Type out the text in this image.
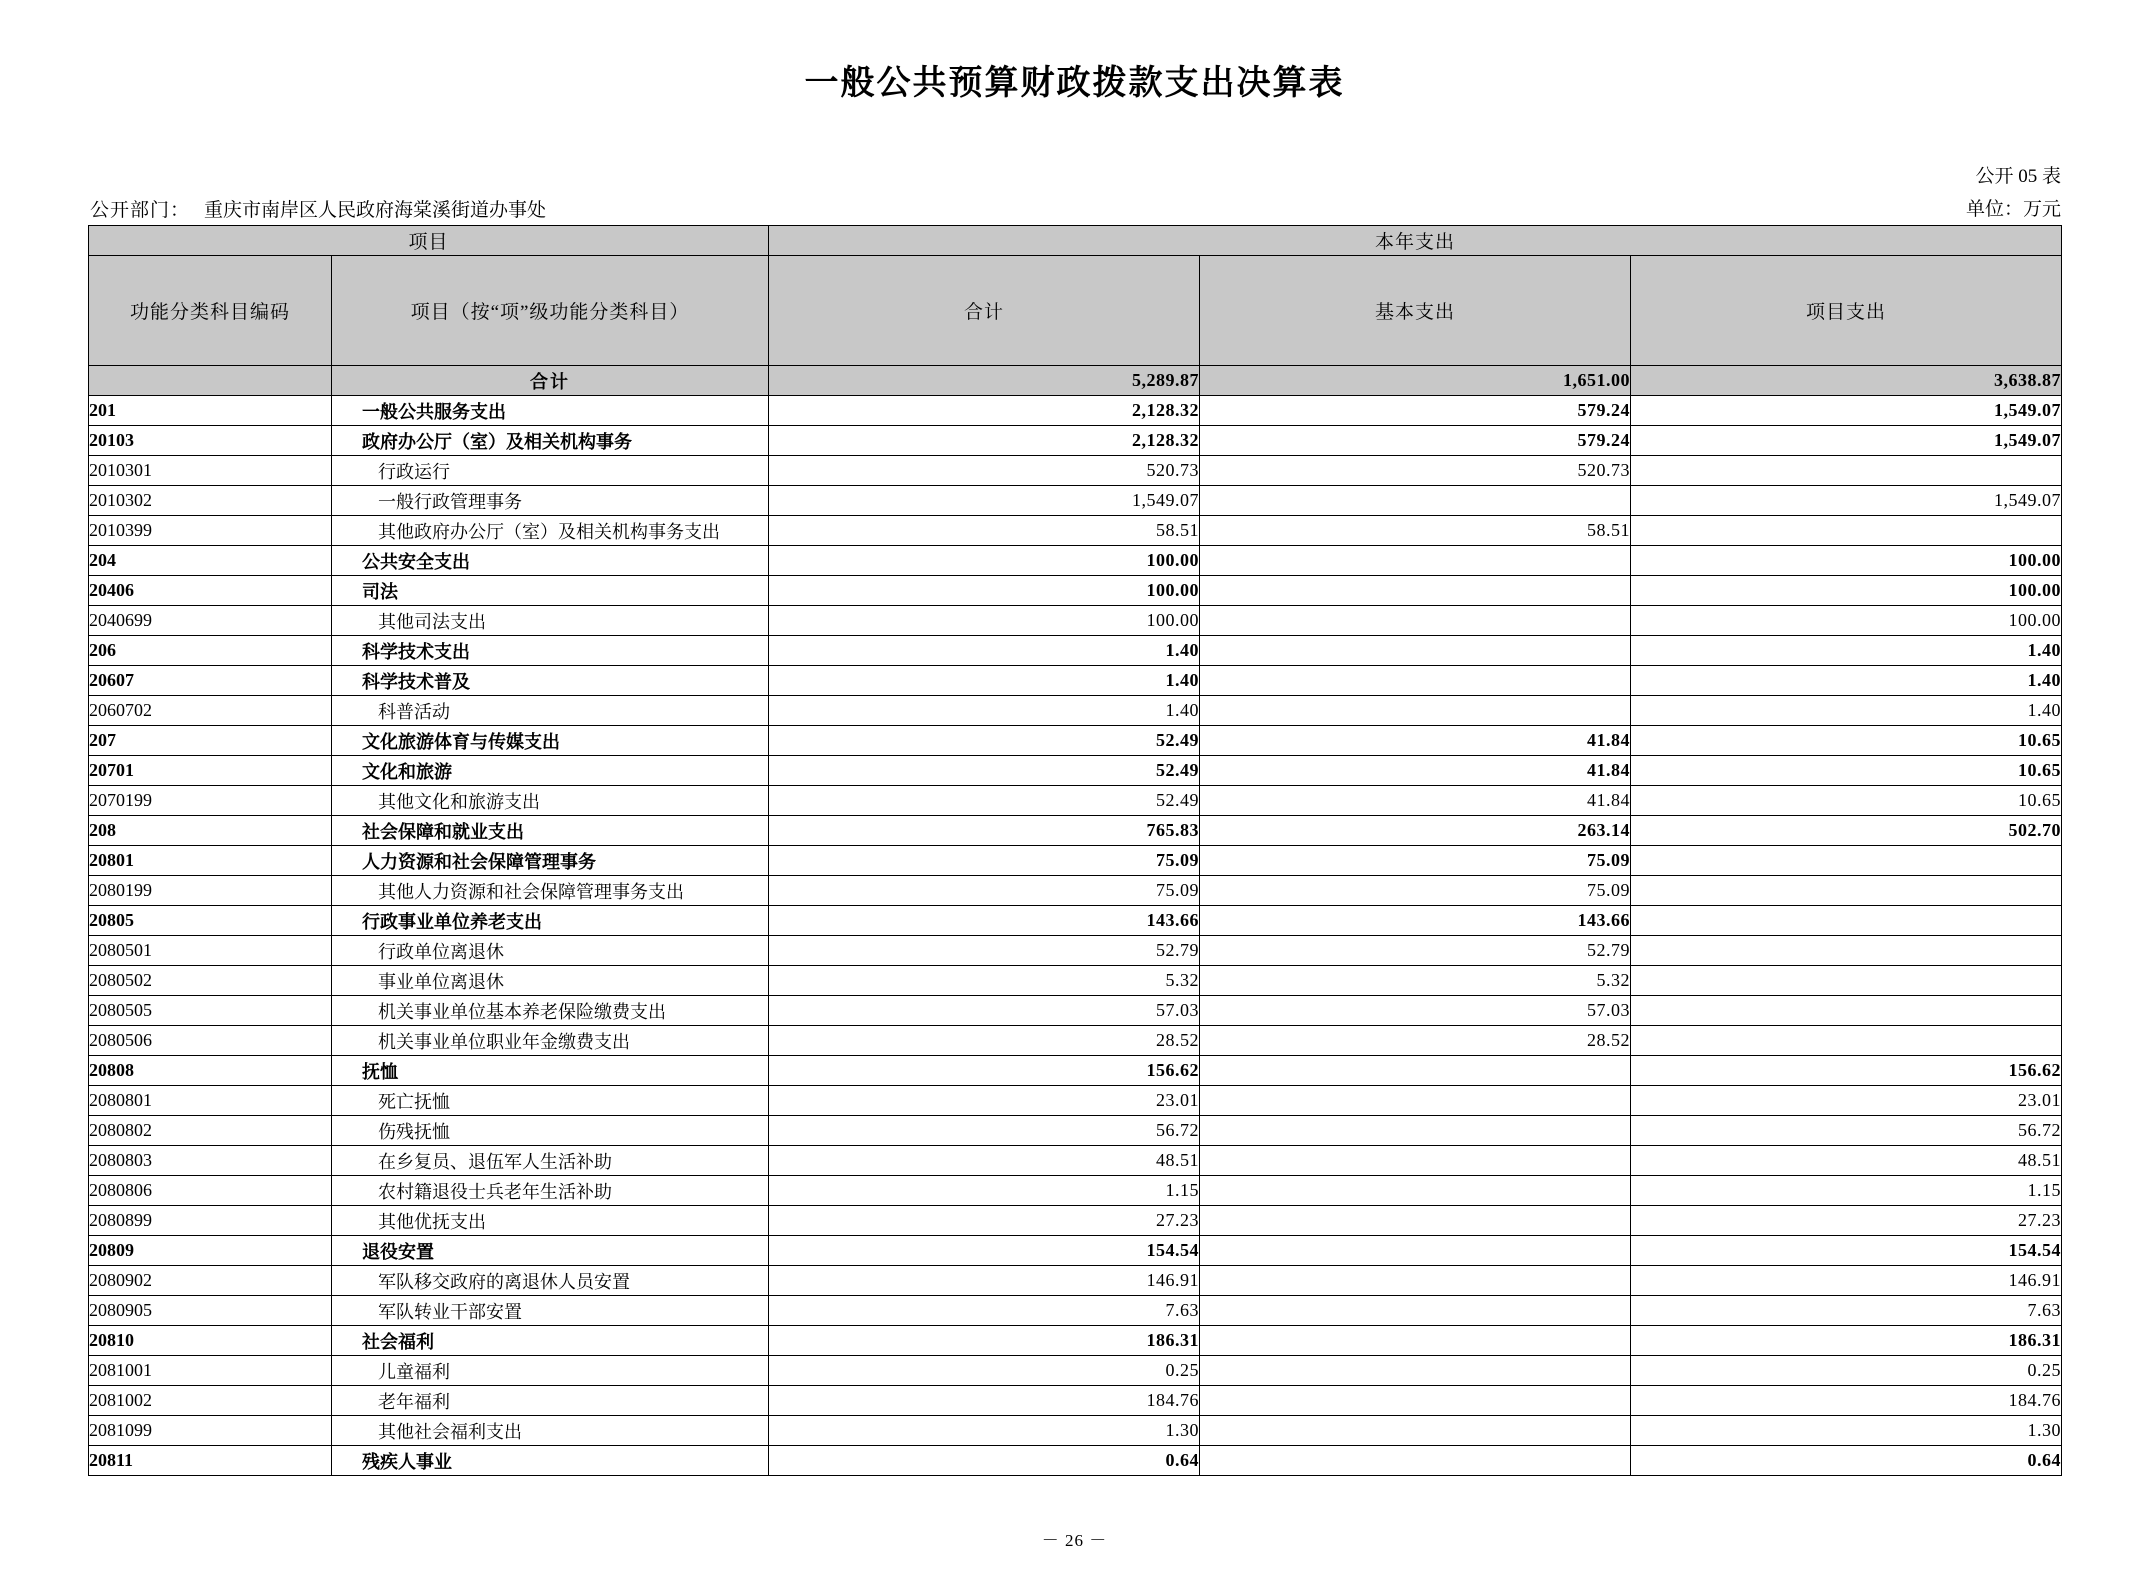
一般公共预算财政拨款支出决算表
公开 05 表
单位：万元
公开部门： 重庆市南岸区人民政府海棠溪街道办事处
项目		本年支出		
功能分类科目编码	项目（按“项”级功能分类科目）	合计	基本支出	项目支出
	合计	5,289.87	1,651.00	3,638.87
201	一般公共服务支出	2,128.32	579.24	1,549.07
20103	政府办公厅（室）及相关机构事务	2,128.32	579.24	1,549.07
2010301	行政运行	520.73	520.73	
2010302	一般行政管理事务	1,549.07		1,549.07
2010399	其他政府办公厅（室）及相关机构事务支出	58.51	58.51	
204	公共安全支出	100.00		100.00
20406	司法	100.00		100.00
2040699	其他司法支出	100.00		100.00
206	科学技术支出	1.40		1.40
20607	科学技术普及	1.40		1.40
2060702	科普活动	1.40		1.40
207	文化旅游体育与传媒支出	52.49	41.84	10.65
20701	文化和旅游	52.49	41.84	10.65
2070199	其他文化和旅游支出	52.49	41.84	10.65
208	社会保障和就业支出	765.83	263.14	502.70
20801	人力资源和社会保障管理事务	75.09	75.09	
2080199	其他人力资源和社会保障管理事务支出	75.09	75.09	
20805	行政事业单位养老支出	143.66	143.66	
2080501	行政单位离退休	52.79	52.79	
2080502	事业单位离退休	5.32	5.32	
2080505	机关事业单位基本养老保险缴费支出	57.03	57.03	
2080506	机关事业单位职业年金缴费支出	28.52	28.52	
20808	抚恤	156.62		156.62
2080801	死亡抚恤	23.01		23.01
2080802	伤残抚恤	56.72		56.72
2080803	在乡复员、退伍军人生活补助	48.51		48.51
2080806	农村籍退役士兵老年生活补助	1.15		1.15
2080899	其他优抚支出	27.23		27.23
20809	退役安置	154.54		154.54
2080902	军队移交政府的离退休人员安置	146.91		146.91
2080905	军队转业干部安置	7.63		7.63
20810	社会福利	186.31		186.31
2081001	儿童福利	0.25		0.25
2081002	老年福利	184.76		184.76
2081099	其他社会福利支出	1.30		1.30
20811	残疾人事业	0.64		0.64
－ 26 －
